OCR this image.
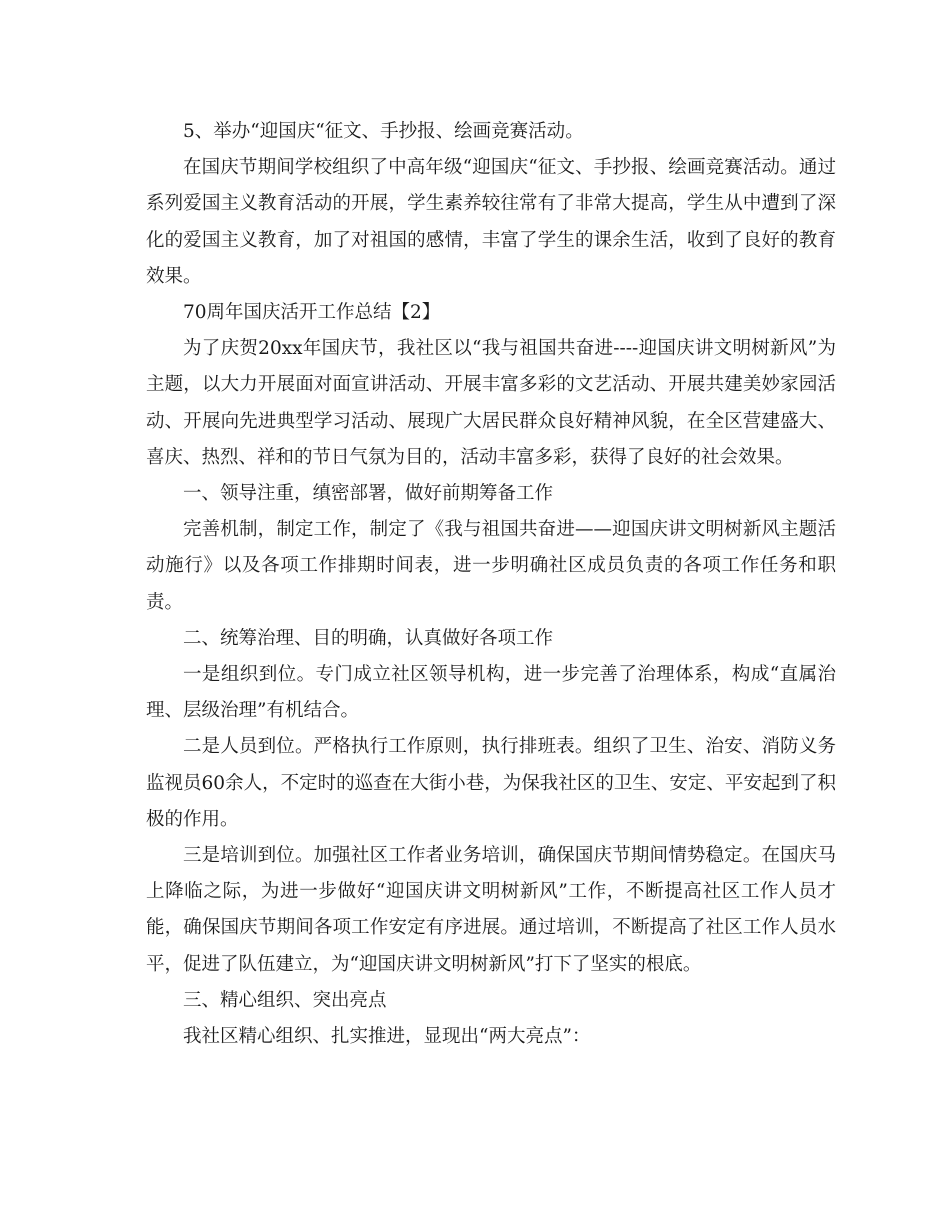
5、举办“迎国庆“征文、手抄报、绘画竞赛活动。

在国庆节期间学校组织了中高年级“迎国庆“征文、手抄报、绘画竞赛活动。通过系列爱国主义教育活动的开展，学生素养较往常有了非常大提高，学生从中遭到了深化的爱国主义教育，加了对祖国的感情，丰富了学生的课余生活，收到了良好的教育效果。

70周年国庆活开工作总结【2】

为了庆贺20xx年国庆节，我社区以“我与祖国共奋进----迎国庆讲文明树新风”为主题，以大力开展面对面宣讲活动、开展丰富多彩的文艺活动、开展共建美妙家园活动、开展向先进典型学习活动、展现广大居民群众良好精神风貌，在全区营建盛大、喜庆、热烈、祥和的节日气氛为目的，活动丰富多彩，获得了良好的社会效果。

一、领导注重，缜密部署，做好前期筹备工作

完善机制，制定工作，制定了《我与祖国共奋进——迎国庆讲文明树新风主题活动施行》以及各项工作排期时间表，进一步明确社区成员负责的各项工作任务和职责。

二、统筹治理、目的明确，认真做好各项工作

一是组织到位。专门成立社区领导机构，进一步完善了治理体系，构成“直属治理、层级治理”有机结合。

二是人员到位。严格执行工作原则，执行排班表。组织了卫生、治安、消防义务监视员60余人，不定时的巡查在大街小巷，为保我社区的卫生、安定、平安起到了积极的作用。

三是培训到位。加强社区工作者业务培训，确保国庆节期间情势稳定。在国庆马上降临之际，为进一步做好“迎国庆讲文明树新风”工作，不断提高社区工作人员才能，确保国庆节期间各项工作安定有序进展。通过培训，不断提高了社区工作人员水平，促进了队伍建立，为“迎国庆讲文明树新风”打下了坚实的根底。

三、精心组织、突出亮点

我社区精心组织、扎实推进，显现出“两大亮点”：
